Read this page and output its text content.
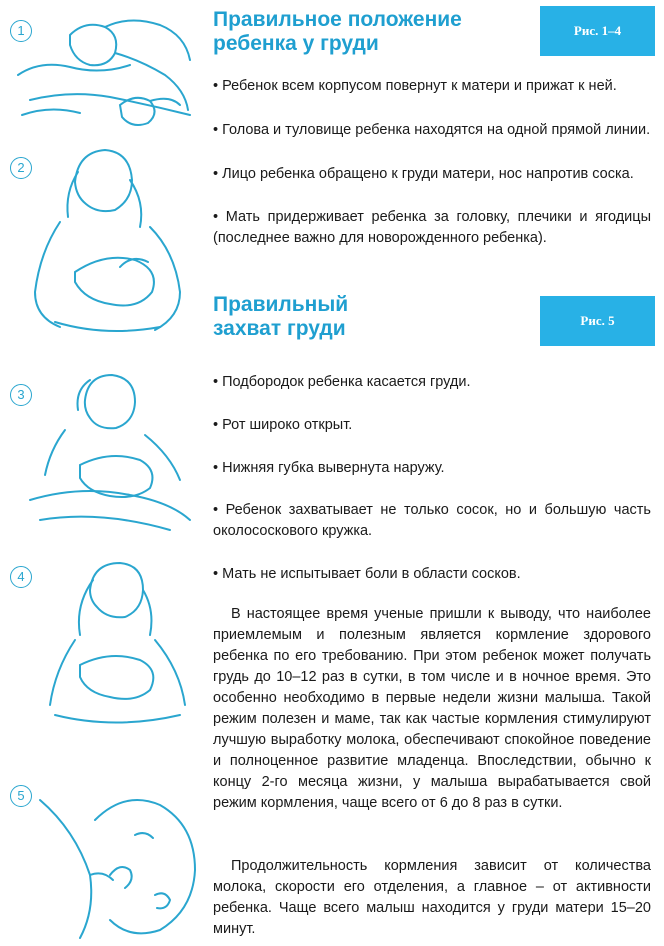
1
2
3
4
5
Правильное положение
ребенка у груди
Рис. 1–4

• Ребенок всем корпусом повернут к матери и прижат к ней.

• Голова и туловище ребенка находятся на одной прямой линии.

• Лицо ребенка обращено к груди матери, нос напротив соска.

• Мать придерживает ребенка за головку, плечики и ягодицы (последнее важно для новорожденного ребенка).

Правильный
захват груди	Рис. 5

• Подбородок ребенка касается груди.

• Рот широко открыт.

• Нижняя губка вывернута наружу.

• Ребенок захватывает не только сосок, но и большую часть околососкового кружка.

• Мать не испытывает боли в области сосков.

В настоящее время ученые пришли к выводу, что наиболее приемлемым и полезным является кормление здорового ребенка по его требованию. При этом ребенок может получать грудь до 10–12 раз в сутки, в том числе и в ночное время. Это особенно необходимо в первые недели жизни малыша. Такой режим полезен и маме, так как частые кормления стимулируют лучшую выработку молока, обеспечивают спокойное поведение и полноценное развитие младенца. Впоследствии, обычно к концу 2-го месяца жизни, у малыша вырабатывается свой режим кормления, чаще всего от 6 до 8 раз в сутки.

Продолжительность кормления зависит от количества молока, скорости его отделения, а главное – от активности ребенка. Чаще всего малыш находится у груди матери 15–20 минут.
